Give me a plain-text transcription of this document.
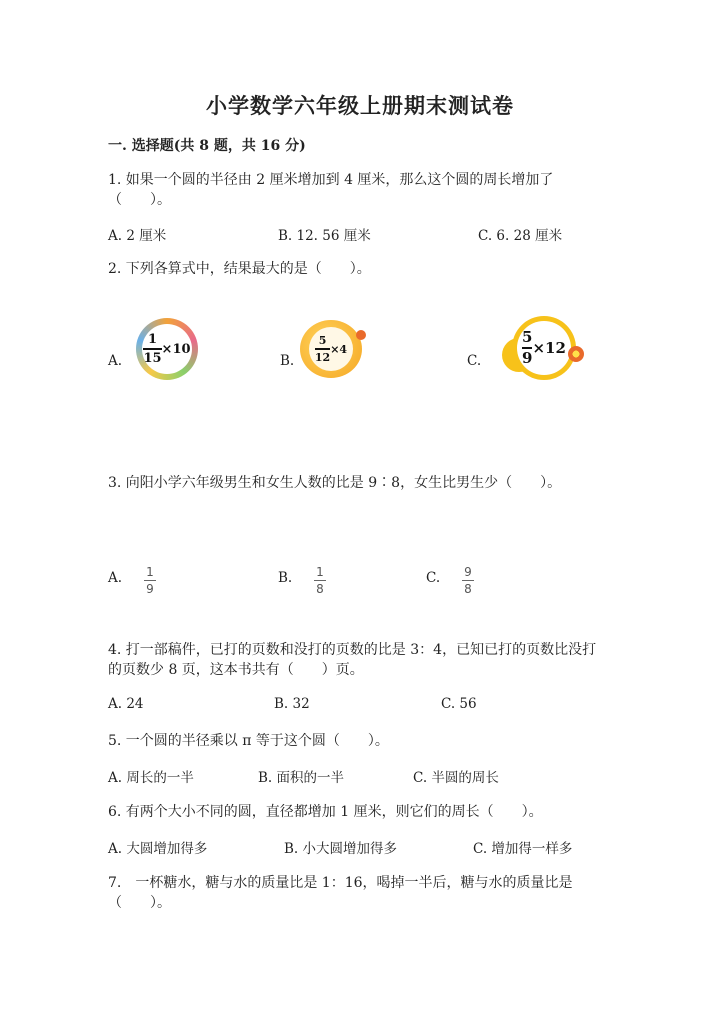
小学数学六年级上册期末测试卷
一. 选择题(共 8 题，共 16 分)
1. 如果一个圆的半径由 2 厘米增加到 4 厘米，那么这个圆的周长增加了
（　　）。
A. 2 厘米	B. 12. 56 厘米	C. 6. 28 厘米
2. 下列各算式中，结果最大的是（　　）。
A.
1
15
×10
B.
5
12
×4
C.
5
9
×12
3. 向阳小学六年级男生和女生人数的比是 9∶8，女生比男生少（　　）。
A. 1
9
B. 1
8
C. 9
8
4. 打一部稿件，已打的页数和没打的页数的比是 3：4，已知已打的页数比没打
的页数少 8 页，这本书共有（　　）页。
A. 24	B. 32	C. 56
5. 一个圆的半径乘以 π 等于这个圆（　　）。
A. 周长的一半	B. 面积的一半	C. 半圆的周长
6. 有两个大小不同的圆，直径都增加 1 厘米，则它们的周长（　　）。
A. 大圆增加得多	B. 小大圆增加得多	C. 增加得一样多
7.　一杯糖水，糖与水的质量比是 1：16，喝掉一半后，糖与水的质量比是
（　　）。
